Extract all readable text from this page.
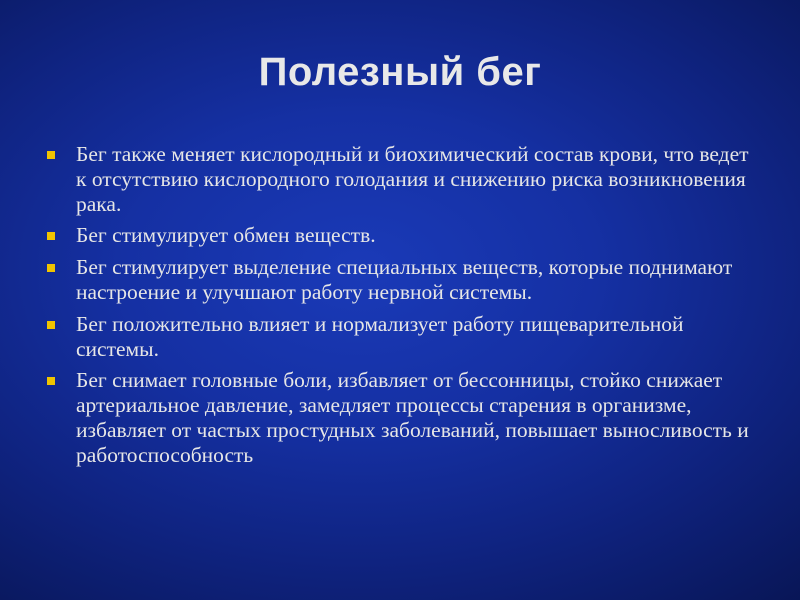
Полезный бег
Бег также меняет кислородный и биохимический состав крови, что ведет к отсутствию кислородного голодания и снижению риска возникновения рака.
Бег стимулирует обмен веществ.
Бег стимулирует выделение специальных веществ, которые поднимают настроение и улучшают работу нервной системы.
Бег положительно влияет и нормализует работу пищеварительной системы.
Бег снимает головные боли, избавляет от бессонницы, стойко снижает артериальное давление, замедляет процессы старения в организме, избавляет от частых простудных заболеваний, повышает выносливость и работоспособность
